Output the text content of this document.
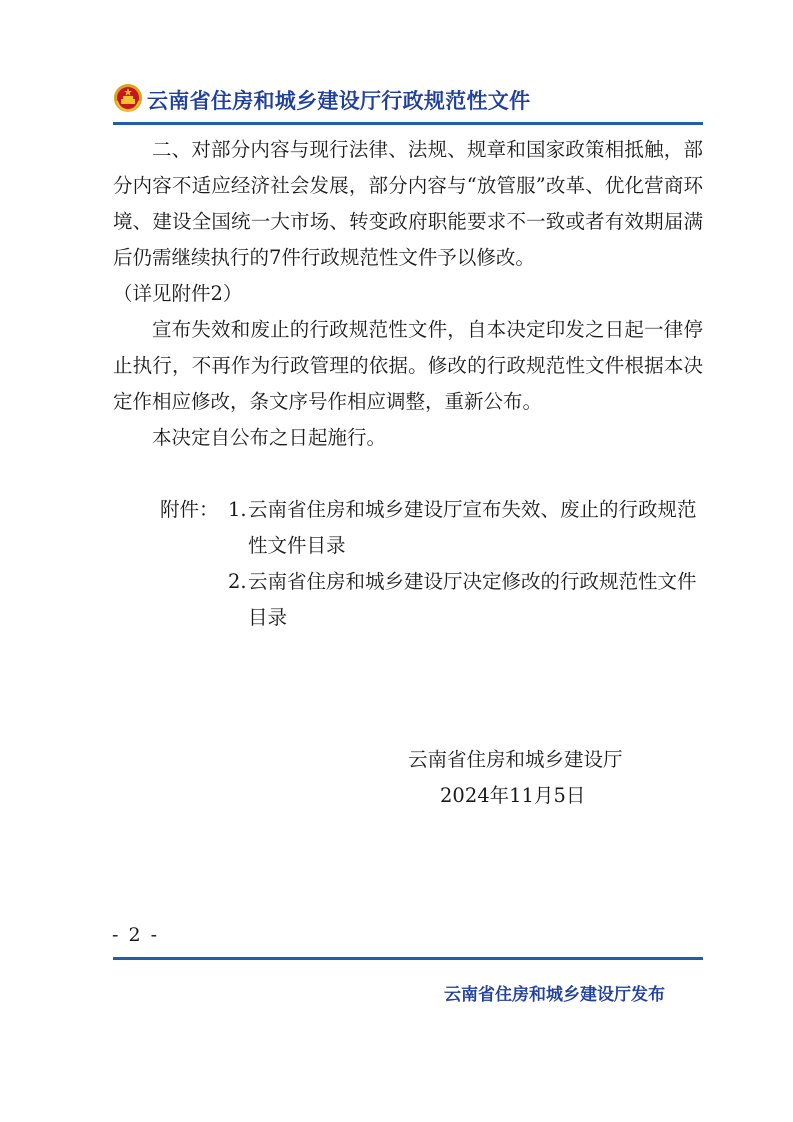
云南省住房和城乡建设厅行政规范性文件

二、对部分内容与现行法律、法规、规章和国家政策相抵触，部分内容不适应经济社会发展，部分内容与“放管服”改革、优化营商环境、建设全国统一大市场、转变政府职能要求不一致或者有效期届满后仍需继续执行的7件行政规范性文件予以修改。

（详见附件2）

宣布失效和废止的行政规范性文件，自本决定印发之日起一律停止执行，不再作为行政管理的依据。修改的行政规范性文件根据本决定作相应修改，条文序号作相应调整，重新公布。

本决定自公布之日起施行。

附件： 1. 云南省住房和城乡建设厅宣布失效、废止的行政规范性文件目录
2. 云南省住房和城乡建设厅决定修改的行政规范性文件目录
云南省住房和城乡建设厅
2024年11月5日
- 2 -
云南省住房和城乡建设厅发布
